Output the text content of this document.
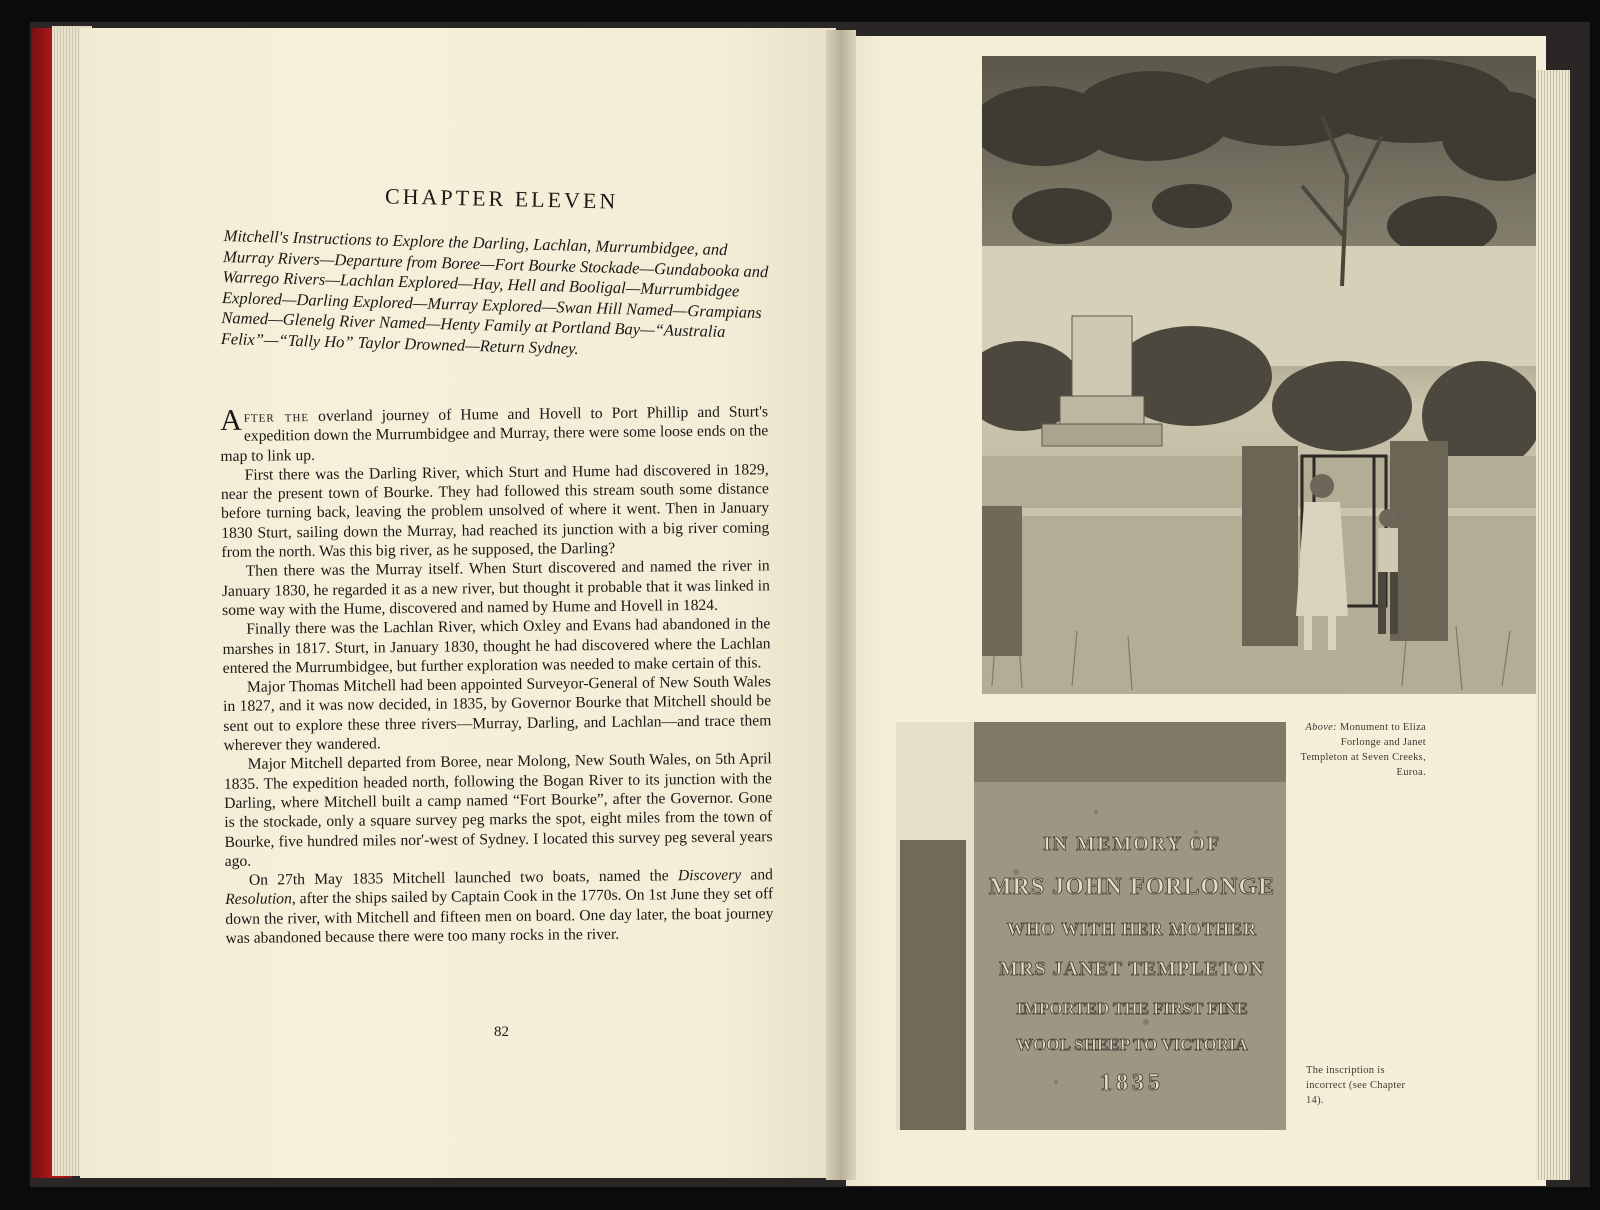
CHAPTER ELEVEN
Mitchell's Instructions to Explore the Darling, Lachlan, Murrumbidgee, and Murray Rivers—Departure from Boree—Fort Bourke Stockade—Gundabooka and Warrego Rivers—Lachlan Explored—Hay, Hell and Booligal—Murrumbidgee Explored—Darling Explored—Murray Explored—Swan Hill Named—Grampians Named—Glenelg River Named—Henty Family at Portland Bay—“Australia Felix”—“Tally Ho” Taylor Drowned—Return Sydney.

After the overland journey of Hume and Hovell to Port Phillip and Sturt's expedition down the Murrumbidgee and Murray, there were some loose ends on the map to link up.

First there was the Darling River, which Sturt and Hume had discovered in 1829, near the present town of Bourke. They had followed this stream south some distance before turning back, leaving the problem unsolved of where it went. Then in January 1830 Sturt, sailing down the Murray, had reached its junction with a big river coming from the north. Was this big river, as he supposed, the Darling?

Then there was the Murray itself. When Sturt discovered and named the river in January 1830, he regarded it as a new river, but thought it probable that it was linked in some way with the Hume, discovered and named by Hume and Hovell in 1824.

Finally there was the Lachlan River, which Oxley and Evans had abandoned in the marshes in 1817. Sturt, in January 1830, thought he had discovered where the Lachlan entered the Murrumbidgee, but further exploration was needed to make certain of this.

Major Thomas Mitchell had been appointed Surveyor-General of New South Wales in 1827, and it was now decided, in 1835, by Governor Bourke that Mitchell should be sent out to explore these three rivers—Murray, Darling, and Lachlan—and trace them wherever they wandered.

Major Mitchell departed from Boree, near Molong, New South Wales, on 5th April 1835. The expedition headed north, following the Bogan River to its junction with the Darling, where Mitchell built a camp named “Fort Bourke”, after the Governor. Gone is the stockade, only a square survey peg marks the spot, eight miles from the town of Bourke, five hundred miles nor'-west of Sydney. I located this survey peg several years ago.

On 27th May 1835 Mitchell launched two boats, named the Discovery and Resolution, after the ships sailed by Captain Cook in the 1770s. On 1st June they set off down the river, with Mitchell and fifteen men on board. One day later, the boat journey was abandoned because there were too many rocks in the river.

82
IN MEMORY OF
MRS JOHN FORLONGE
WHO WITH HER MOTHER
MRS JANET TEMPLETON
IMPORTED THE FIRST FINE
WOOL SHEEP TO VICTORIA
1835
Above: Monument to Eliza Forlonge and Janet Templeton at Seven Creeks, Euroa.
The inscription is incorrect (see Chapter 14).
